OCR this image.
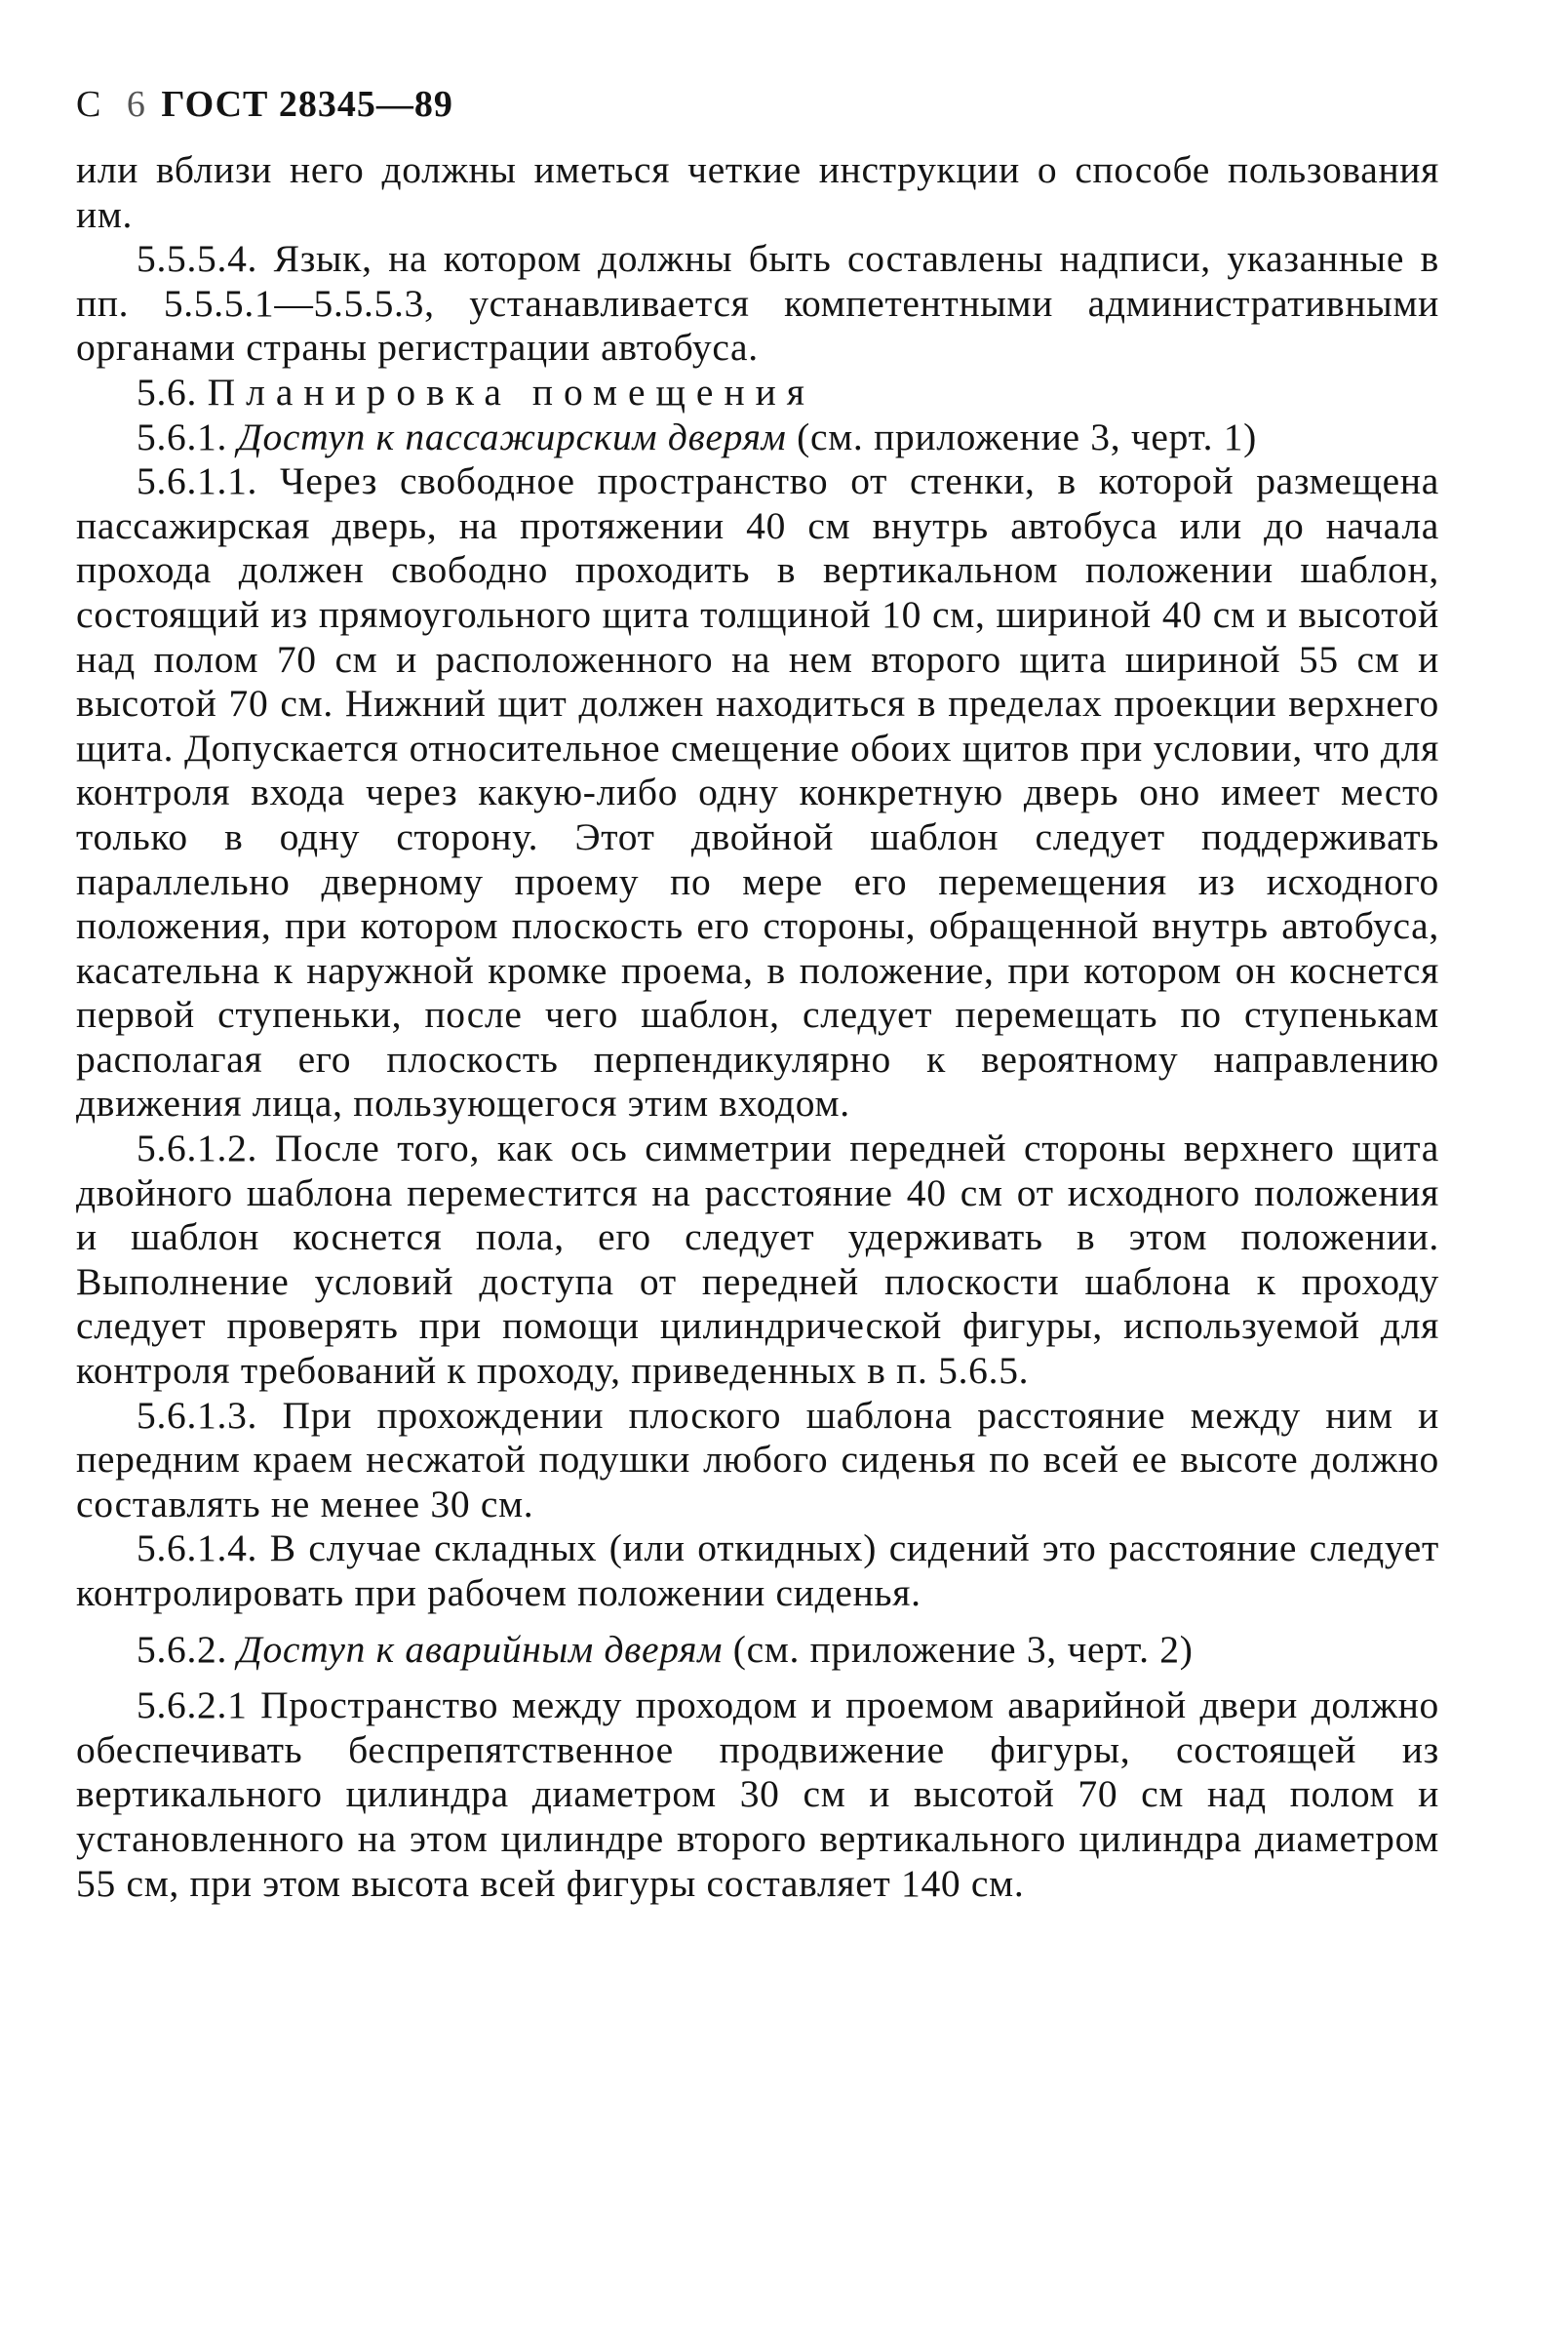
С 6 ГОСТ 28345—89

или вблизи него должны иметься четкие инструкции о способе пользования им.

5.5.5.4. Язык, на котором должны быть составлены надписи, указанные в пп. 5.5.5.1—5.5.5.3, устанавливается компетентными административными органами страны регистрации автобуса.

5.6. Планировка помещения

5.6.1. Доступ к пассажирским дверям (см. приложение 3, черт. 1)

5.6.1.1. Через свободное пространство от стенки, в которой размещена пассажирская дверь, на протяжении 40 см внутрь автобуса или до начала прохода должен свободно проходить в вертикальном положении шаблон, состоящий из прямоугольного щита толщиной 10 см, шириной 40 см и высотой над полом 70 см и расположенного на нем второго щита шириной 55 см и высотой 70 см. Нижний щит должен находиться в пределах проекции верхнего щита. Допускается относительное смещение обоих щитов при условии, что для контроля входа через какую-либо одну конкретную дверь оно имеет место только в одну сторону. Этот двойной шаблон следует поддерживать параллельно дверному проему по мере его перемещения из исходного положения, при котором плоскость его стороны, обращенной внутрь автобуса, касательна к наружной кромке проема, в положение, при котором он коснется первой ступеньки, после чего шаблон, следует перемещать по ступенькам располагая его плоскость перпендикулярно к вероятному направлению движения лица, пользующегося этим входом.

5.6.1.2. После того, как ось симметрии передней стороны верхнего щита двойного шаблона переместится на расстояние 40 см от исходного положения и шаблон коснется пола, его следует удерживать в этом положении. Выполнение условий доступа от передней плоскости шаблона к проходу следует проверять при помощи цилиндрической фигуры, используемой для контроля требований к проходу, приведенных в п. 5.6.5.

5.6.1.3. При прохождении плоского шаблона расстояние между ним и передним краем несжатой подушки любого сиденья по всей ее высоте должно составлять не менее 30 см.

5.6.1.4. В случае складных (или откидных) сидений это расстояние следует контролировать при рабочем положении сиденья.

5.6.2. Доступ к аварийным дверям (см. приложение 3, черт. 2)

5.6.2.1 Пространство между проходом и проемом аварийной двери должно обеспечивать беспрепятственное продвижение фигуры, состоящей из вертикального цилиндра диаметром 30 см и высотой 70 см над полом и установленного на этом цилиндре второго вертикального цилиндра диаметром 55 см, при этом высота всей фигуры составляет 140 см.
